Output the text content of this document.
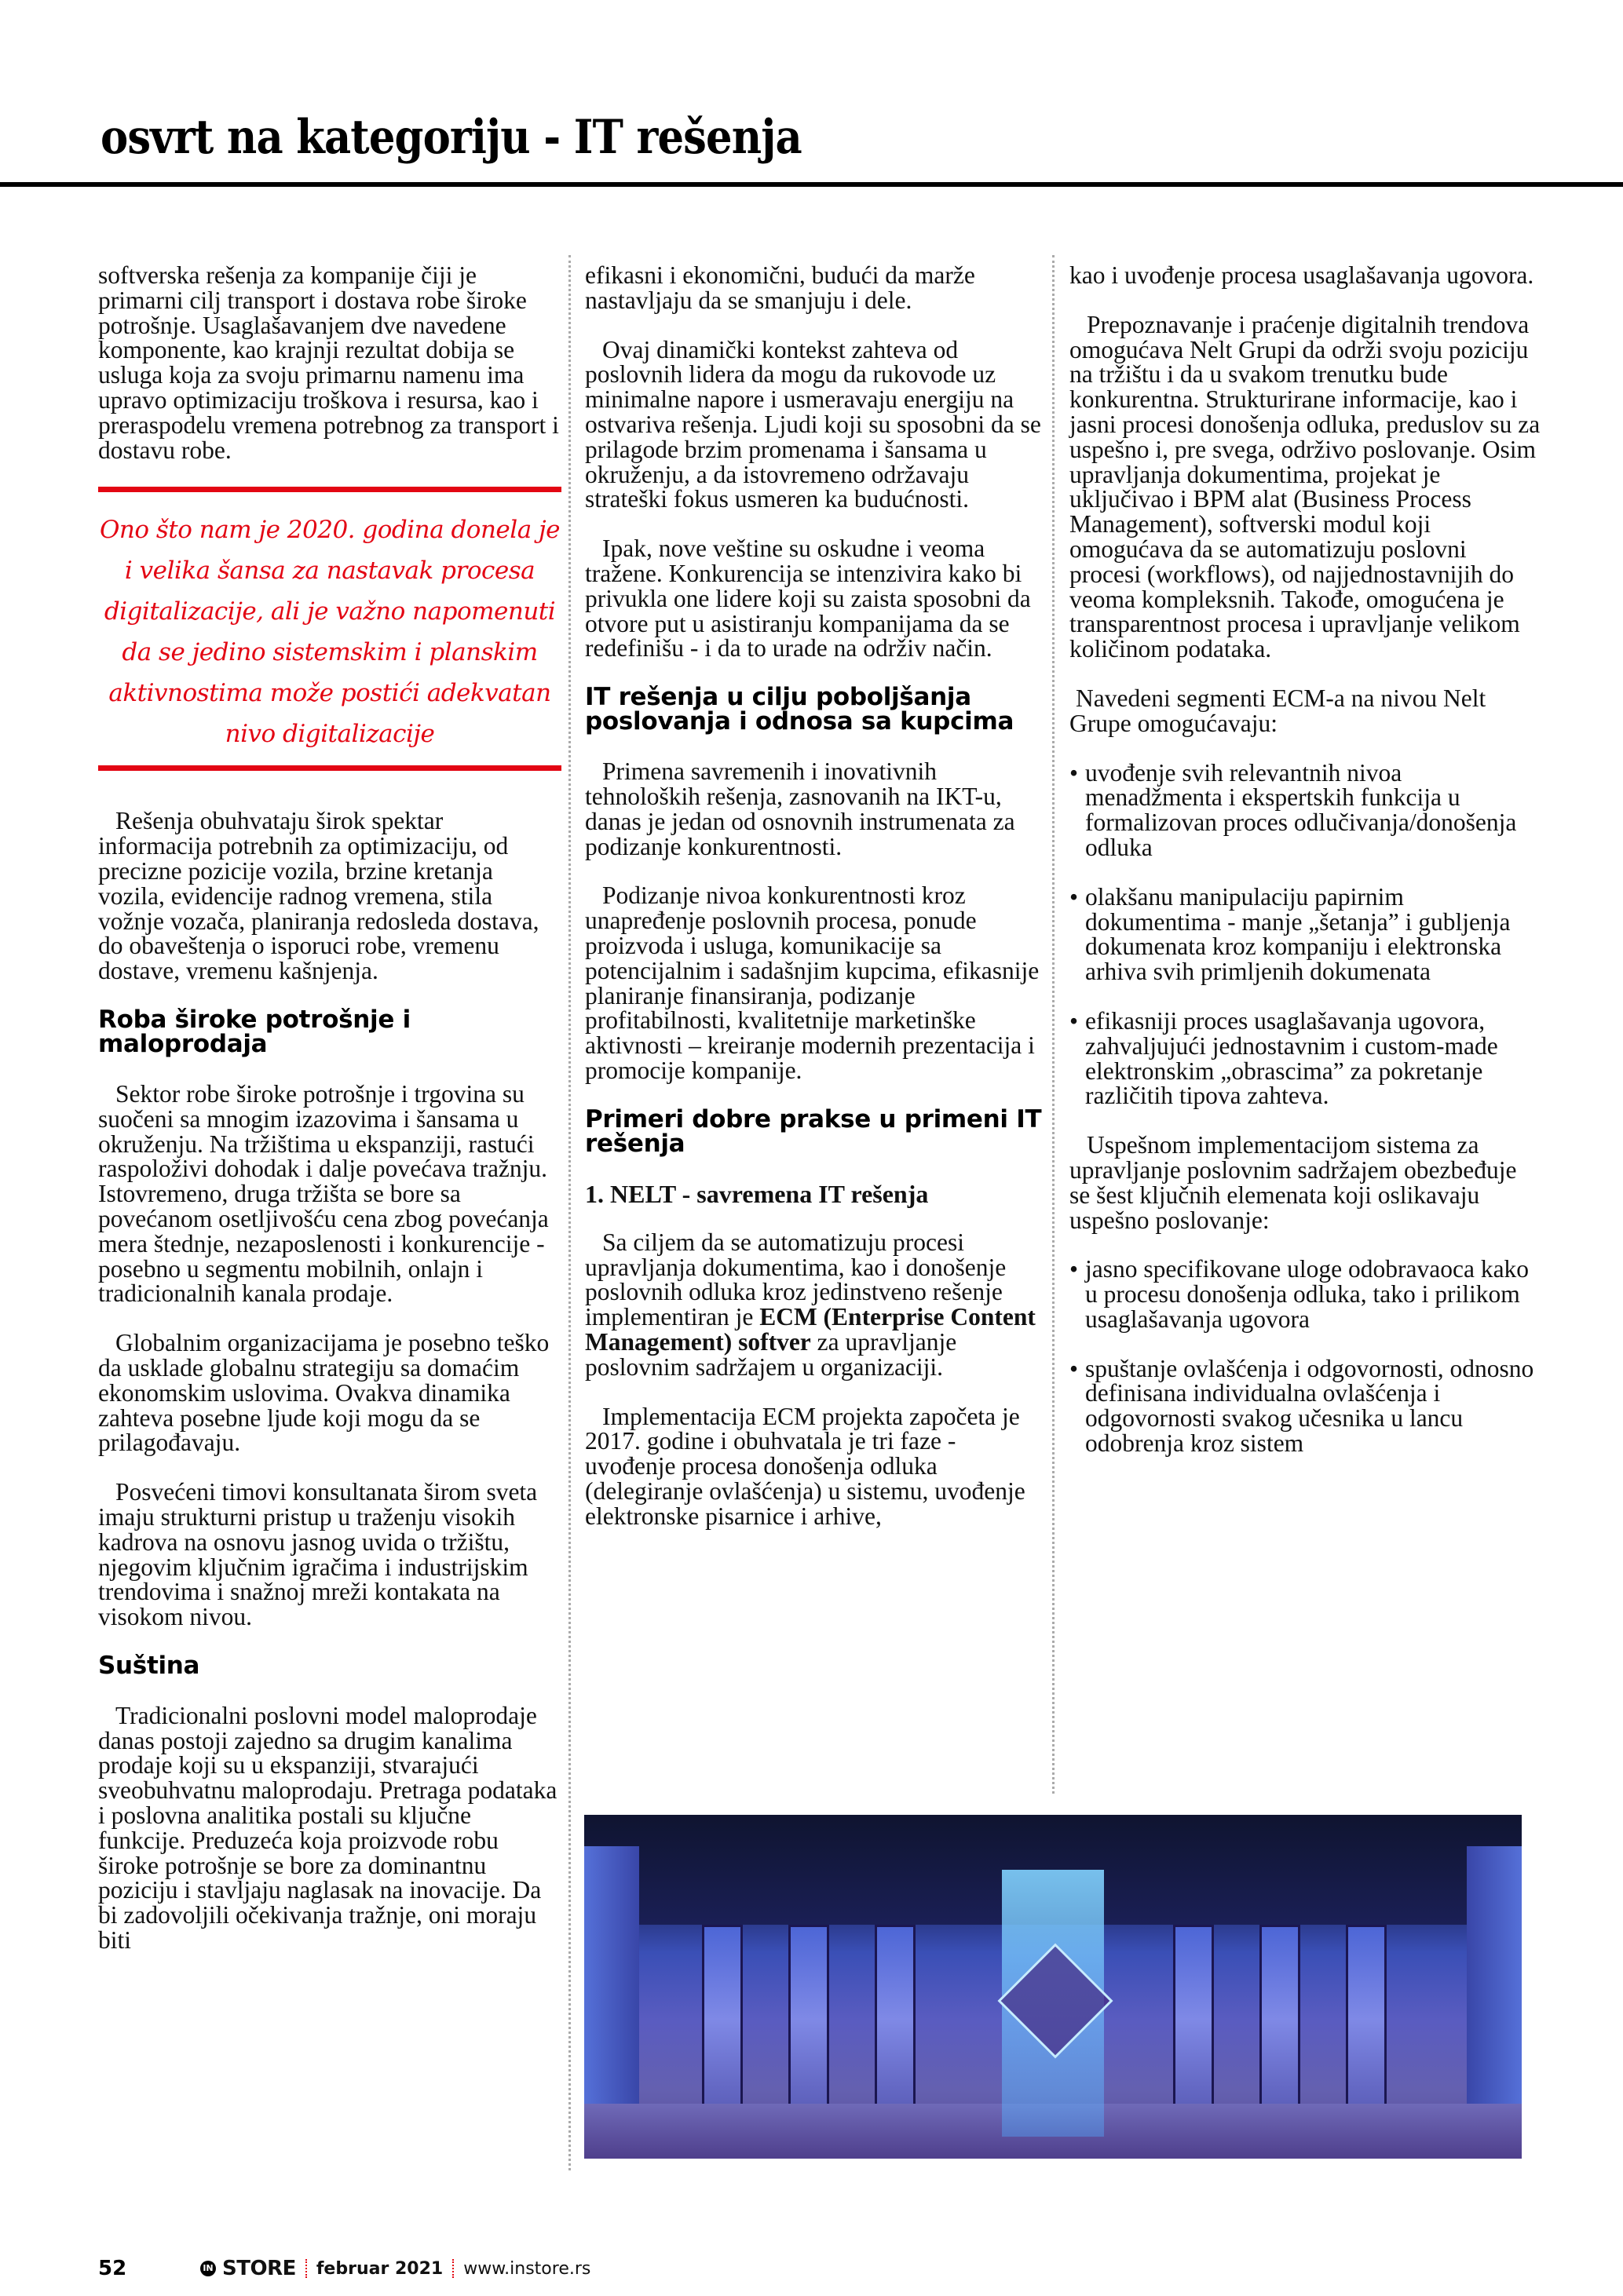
osvrt na kategoriju - IT rešenja

softverska rešenja za kompanije čiji je primarni cilj transport i dostava robe široke potrošnje. Usaglašavanjem dve navedene komponente, kao krajnji rezultat dobija se usluga koja za svoju primarnu namenu ima upravo optimizaciju troškova i resursa, kao i preraspodelu vremena potrebnog za transport i dostavu robe.

Ono što nam je 2020. godina donela je i velika šansa za nastavak procesa digitalizacije, ali je važno napomenuti da se jedino sistemskim i planskim aktivnostima može postići adekvatan nivo digitalizacije

Rešenja obuhvataju širok spektar informacija potrebnih za optimizaciju, od precizne pozicije vozila, brzine kretanja vozila, evidencije radnog vremena, stila vožnje vozača, planiranja redosleda dostava, do obaveštenja o isporuci robe, vremenu dostave, vremenu kašnjenja.

Roba široke potrošnje i maloprodaja

Sektor robe široke potrošnje i trgovina su suočeni sa mnogim izazovima i šansama u okruženju. Na tržištima u ekspanziji, rastući raspoloživi dohodak i dalje povećava tražnju. Istovremeno, druga tržišta se bore sa povećanom osetljivošću cena zbog povećanja mera štednje, nezaposlenosti i konkurencije - posebno u segmentu mobilnih, onlajn i tradicionalnih kanala prodaje.

Globalnim organizacijama je posebno teško da usklade globalnu strategiju sa domaćim ekonomskim uslovima. Ovakva dinamika zahteva posebne ljude koji mogu da se prilagođavaju.

Posvećeni timovi konsultanata širom sveta imaju strukturni pristup u traženju visokih kadrova na osnovu jasnog uvida o tržištu, njegovim ključnim igračima i industrijskim trendovima i snažnoj mreži kontakata na visokom nivou.

Suština

Tradicionalni poslovni model maloprodaje danas postoji zajedno sa drugim kanalima prodaje koji su u ekspanziji, stvarajući sveobuhvatnu maloprodaju. Pretraga podataka i poslovna analitika postali su ključne funkcije. Preduzeća koja proizvode robu široke potrošnje se bore za dominantnu poziciju i stavljaju naglasak na inovacije. Da bi zadovoljili očekivanja tražnje, oni moraju biti

efikasni i ekonomični, budući da marže nastavljaju da se smanjuju i dele.

Ovaj dinamički kontekst zahteva od poslovnih lidera da mogu da rukovode uz minimalne napore i usmeravaju energiju na ostvariva rešenja. Ljudi koji su sposobni da se prilagode brzim promenama i šansama u okruženju, a da istovremeno održavaju strateški fokus usmeren ka budućnosti.

Ipak, nove veštine su oskudne i veoma tražene. Konkurencija se intenzivira kako bi privukla one lidere koji su zaista sposobni da otvore put u asistiranju kompanijama da se redefinišu - i da to urade na održiv način.

IT rešenja u cilju poboljšanja poslovanja i odnosa sa kupcima

Primena savremenih i inovativnih tehnoloških rešenja, zasnovanih na IKT-u, danas je jedan od osnovnih instrumenata za podizanje konkurentnosti.

Podizanje nivoa konkurentnosti kroz unapređenje poslovnih procesa, ponude proizvoda i usluga, komunikacije sa potencijalnim i sadašnjim kupcima, efikasnije planiranje finansiranja, podizanje profitabilnosti, kvalitetnije marketinške aktivnosti – kreiranje modernih prezentacija i promocije kompanije.

Primeri dobre prakse u primeni IT rešenja
1. NELT - savremena IT rešenja

Sa ciljem da se automatizuju procesi upravljanja dokumentima, kao i donošenje poslovnih odluka kroz jedinstveno rešenje implementiran je ECM (Enterprise Content Management) softver za upravljanje poslovnim sadržajem u organizaciji.

Implementacija ECM projekta započeta je 2017. godine i obuhvatala je tri faze - uvođenje procesa donošenja odluka (delegiranje ovlašćenja) u sistemu, uvođenje elektronske pisarnice i arhive,

kao i uvođenje procesa usaglašavanja ugovora.

Prepoznavanje i praćenje digitalnih trendova omogućava Nelt Grupi da održi svoju poziciju na tržištu i da u svakom trenutku bude konkurentna. Strukturirane informacije, kao i jasni procesi donošenja odluka, preduslov su za uspešno i, pre svega, održivo poslovanje. Osim upravljanja dokumentima, projekat je uključivao i BPM alat (Business Process Management), softverski modul koji omogućava da se automatizuju poslovni procesi (workflows), od najjednostavnijih do veoma kompleksnih. Takođe, omogućena je transparentnost procesa i upravljanje velikom količinom podataka.

Navedeni segmenti ECM-a na nivou Nelt Grupe omogućavaju:

• uvođenje svih relevantnih nivoa menadžmenta i ekspertskih funkcija u formalizovan proces odlučivanja/donošenja odluka
• olakšanu manipulaciju papirnim dokumentima - manje „šetanja” i gubljenja dokumenata kroz kompaniju i elektronska arhiva svih primljenih dokumenata
• efikasniji proces usaglašavanja ugovora, zahvaljujući jednostavnim i custom-made elektronskim „obrascima” za pokretanje različitih tipova zahteva.

Uspešnom implementacijom sistema za upravljanje poslovnim sadržajem obezbeđuje se šest ključnih elemenata koji oslikavaju uspešno poslovanje:

• jasno specifikovane uloge odobravaoca kako u procesu donošenja odluka, tako i prilikom usaglašavanja ugovora
• spuštanje ovlašćenja i odgovornosti, odnosno definisana individualna ovlašćenja i odgovornosti svakog učesnika u lancu odobrenja kroz sistem
52	IN STORE februar 2021 www.instore.rs
